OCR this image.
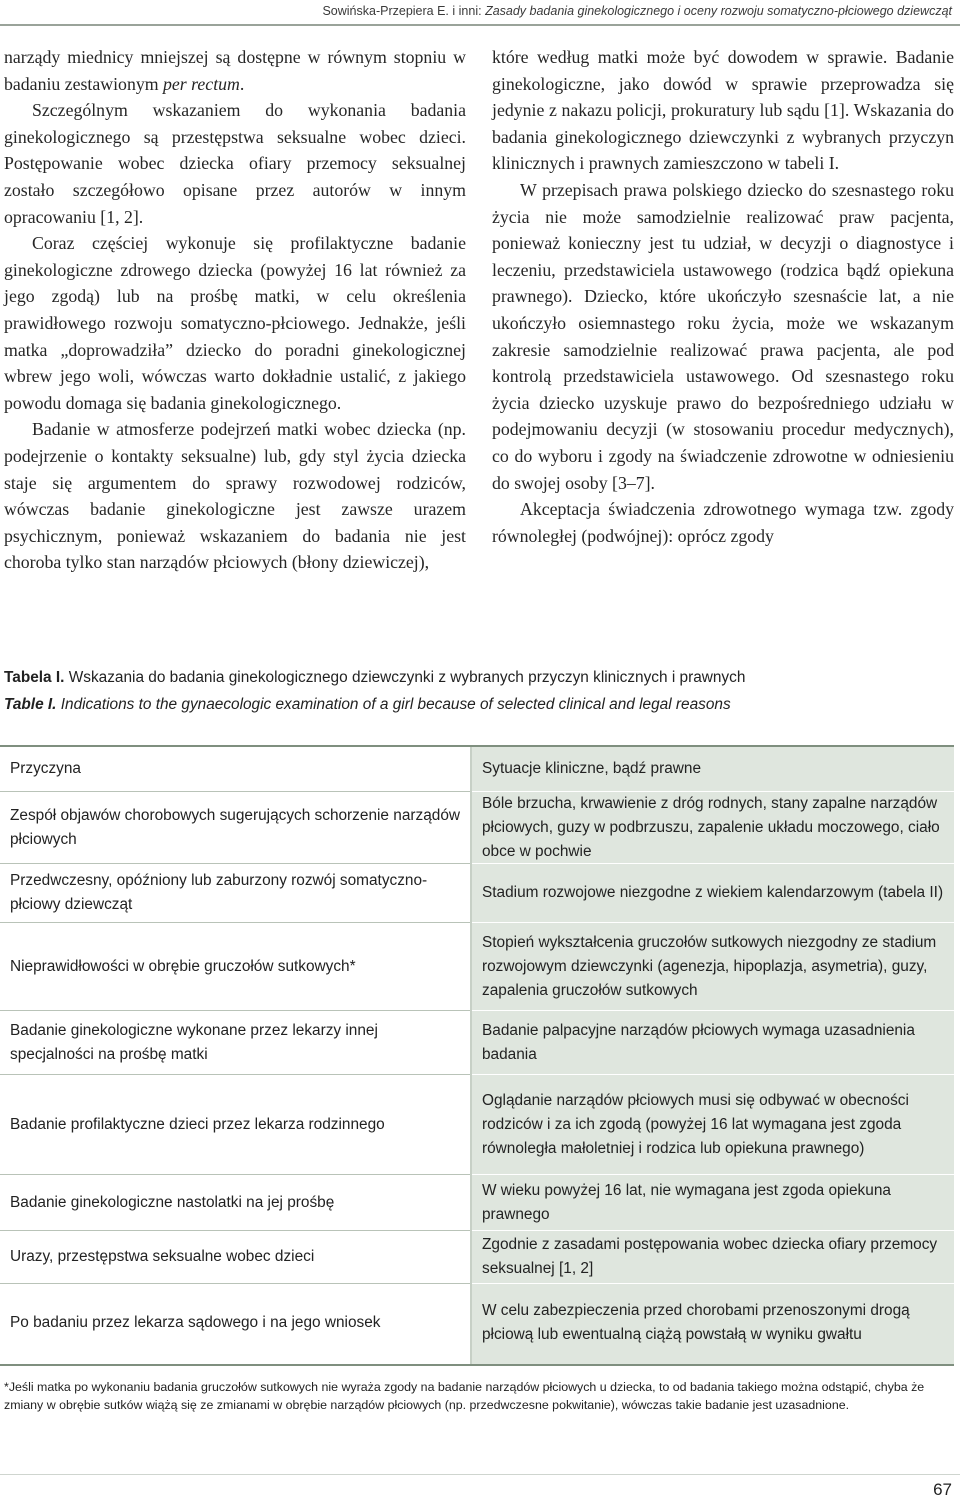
Sowińska-Przepiera E. i inni: Zasady badania ginekologicznego i oceny rozwoju somatyczno-płciowego dziewcząt

narządy miednicy mniejszej są dostępne w równym stopniu w badaniu zestawionym per rectum.

Szczególnym wskazaniem do wykonania badania ginekologicznego są przestępstwa seksualne wobec dzieci. Postępowanie wobec dziecka ofiary przemocy seksualnej zostało szczegółowo opisane przez autorów w innym opracowaniu [1, 2].

Coraz częściej wykonuje się profilaktyczne badanie ginekologiczne zdrowego dziecka (powyżej 16 lat również za jego zgodą) lub na prośbę matki, w celu określenia prawidłowego rozwoju somatyczno-płciowego. Jednakże, jeśli matka „doprowadziła” dziecko do poradni ginekologicznej wbrew jego woli, wówczas warto dokładnie ustalić, z jakiego powodu domaga się badania ginekologicznego.

Badanie w atmosferze podejrzeń matki wobec dziecka (np. podejrzenie o kontakty seksualne) lub, gdy styl życia dziecka staje się argumentem do sprawy rozwodowej rodziców, wówczas badanie ginekologiczne jest zawsze urazem psychicznym, ponieważ wskazaniem do badania nie jest choroba tylko stan narządów płciowych (błony dziewiczej),

które według matki może być dowodem w sprawie. Badanie ginekologiczne, jako dowód w sprawie przeprowadza się jedynie z nakazu policji, prokuratury lub sądu [1]. Wskazania do badania ginekologicznego dziewczynki z wybranych przyczyn klinicznych i prawnych zamieszczono w tabeli I.

W przepisach prawa polskiego dziecko do szesnastego roku życia nie może samodzielnie realizować praw pacjenta, ponieważ konieczny jest tu udział, w decyzji o diagnostyce i leczeniu, przedstawiciela ustawowego (rodzica bądź opiekuna prawnego). Dziecko, które ukończyło szesnaście lat, a nie ukończyło osiemnastego roku życia, może we wskazanym zakresie samodzielnie realizować prawa pacjenta, ale pod kontrolą przedstawiciela ustawowego. Od szesnastego roku życia dziecko uzyskuje prawo do bezpośredniego udziału w podejmowaniu decyzji (w stosowaniu procedur medycznych), co do wyboru i zgody na świadczenie zdrowotne w odniesieniu do swojej osoby [3–7].

Akceptacja świadczenia zdrowotnego wymaga tzw. zgody równoległej (podwójnej): oprócz zgody

Tabela I. Wskazania do badania ginekologicznego dziewczynki z wybranych przyczyn klinicznych i prawnych
Table I. Indications to the gynaecologic examination of a girl because of selected clinical and legal reasons
Przyczyna
Zespół objawów chorobowych sugerujących schorzenie narządów płciowych
Przedwczesny, opóźniony lub zaburzony rozwój somatyczno-płciowy dziewcząt
Nieprawidłowości w obrębie gruczołów sutkowych*
Badanie ginekologiczne wykonane przez lekarzy innej specjalności na prośbę matki
Badanie profilaktyczne dzieci przez lekarza rodzinnego
Badanie ginekologiczne nastolatki na jej prośbę
Urazy, przestępstwa seksualne wobec dzieci
Po badaniu przez lekarza sądowego i na jego wniosek
Sytuacje kliniczne, bądź prawne
Bóle brzucha, krwawienie z dróg rodnych, stany zapalne narządów płciowych, guzy w podbrzuszu, zapalenie układu moczowego, ciało obce w pochwie
Stadium rozwojowe niezgodne z wiekiem kalendarzowym (tabela II)
Stopień wykształcenia gruczołów sutkowych niezgodny ze stadium rozwojowym dziewczynki (agenezja, hipoplazja, asymetria), guzy, zapalenia gruczołów sutkowych
Badanie palpacyjne narządów płciowych wymaga uzasadnienia badania
Oglądanie narządów płciowych musi się odbywać w obecności rodziców i za ich zgodą (powyżej 16 lat wymagana jest zgoda równoległa małoletniej i rodzica lub opiekuna prawnego)
W wieku powyżej 16 lat, nie wymagana jest zgoda opiekuna prawnego
Zgodnie z zasadami postępowania wobec dziecka ofiary przemocy seksualnej [1, 2]
W celu zabezpieczenia przed chorobami przenoszonymi drogą płciową lub ewentualną ciążą powstałą w wyniku gwałtu
*Jeśli matka po wykonaniu badania gruczołów sutkowych nie wyraża zgody na badanie narządów płciowych u dziecka, to od badania takiego można odstąpić, chyba że zmiany w obrębie sutków wiążą się ze zmianami w obrębie narządów płciowych (np. przedwczesne pokwitanie), wówczas takie badanie jest uzasadnione.
67
